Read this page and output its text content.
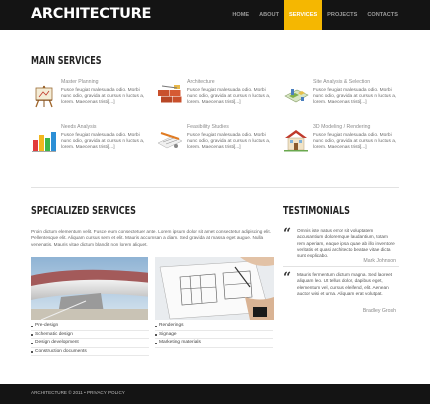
ARCHITECTURE	HOME	ABOUT	SERVICES	PROJECTS	CONTACTS
MAIN SERVICES
Master Planning
Fusce feugiat malesuada odio. Morbi nunc odio, gravida at cursus n luctus a, lorem. Maecenas tristi[...]
Architecture
Fusce feugiat malesuada odio. Morbi nunc odio, gravida at cursus n luctus a, lorem. Maecenas tristi[...]
Site Analysis & Selection
Fusce feugiat malesuada odio. Morbi nunc odio, gravida at cursus n luctus a, lorem. Maecenas tristi[...]
Needs Analysis
Fusce feugiat malesuada odio. Morbi nunc odio, gravida at cursus n luctus a, lorem. Maecenas tristi[...]
Feasibility Studies
Fusce feugiat malesuada odio. Morbi nunc odio, gravida at cursus n luctus a, lorem. Maecenas tristi[...]
3D Modeling / Rendering
Fusce feugiat malesuada odio. Morbi nunc odio, gravida at cursus n luctus a, lorem. Maecenas tristi[...]
SPECIALIZED SERVICES
Proin dictum elementum velit. Fusce eum consectetuer ante. Lorem ipsum dolor sit amet consectetur adipiscing elit. Pellentesque elit. Aliquam cursus sem et elit. Mauris accumsan a diam. Sed gravida at massa eget augue. Nulla venenatis. Mauris vitae dictum blandit non lorem aliquet.
Pre-design
Schematic design
Design development
Construction documents
Renderings
Signage
Marketing materials
TESTIMONIALS
“ Omnis iste natus error sit voluptatem accusantium doloremque laudantium, totam rem aperiam, eaque ipsa quae ab illo inventore veritatis et quasi architecto beatae vitae dicta sunt explicabo.
Mark Johnson
“ Mauris fermentum dictum magna. Sed laoreet aliquam leo. Ut tellus dolor, dapibus eget, elementum vel, cursus eleifend, elit. Aenean auctor wisi et urna. Aliquam erat volutpat.
Bradley Grosh
ARCHITECTURE © 2011 • PRIVACY POLICY
